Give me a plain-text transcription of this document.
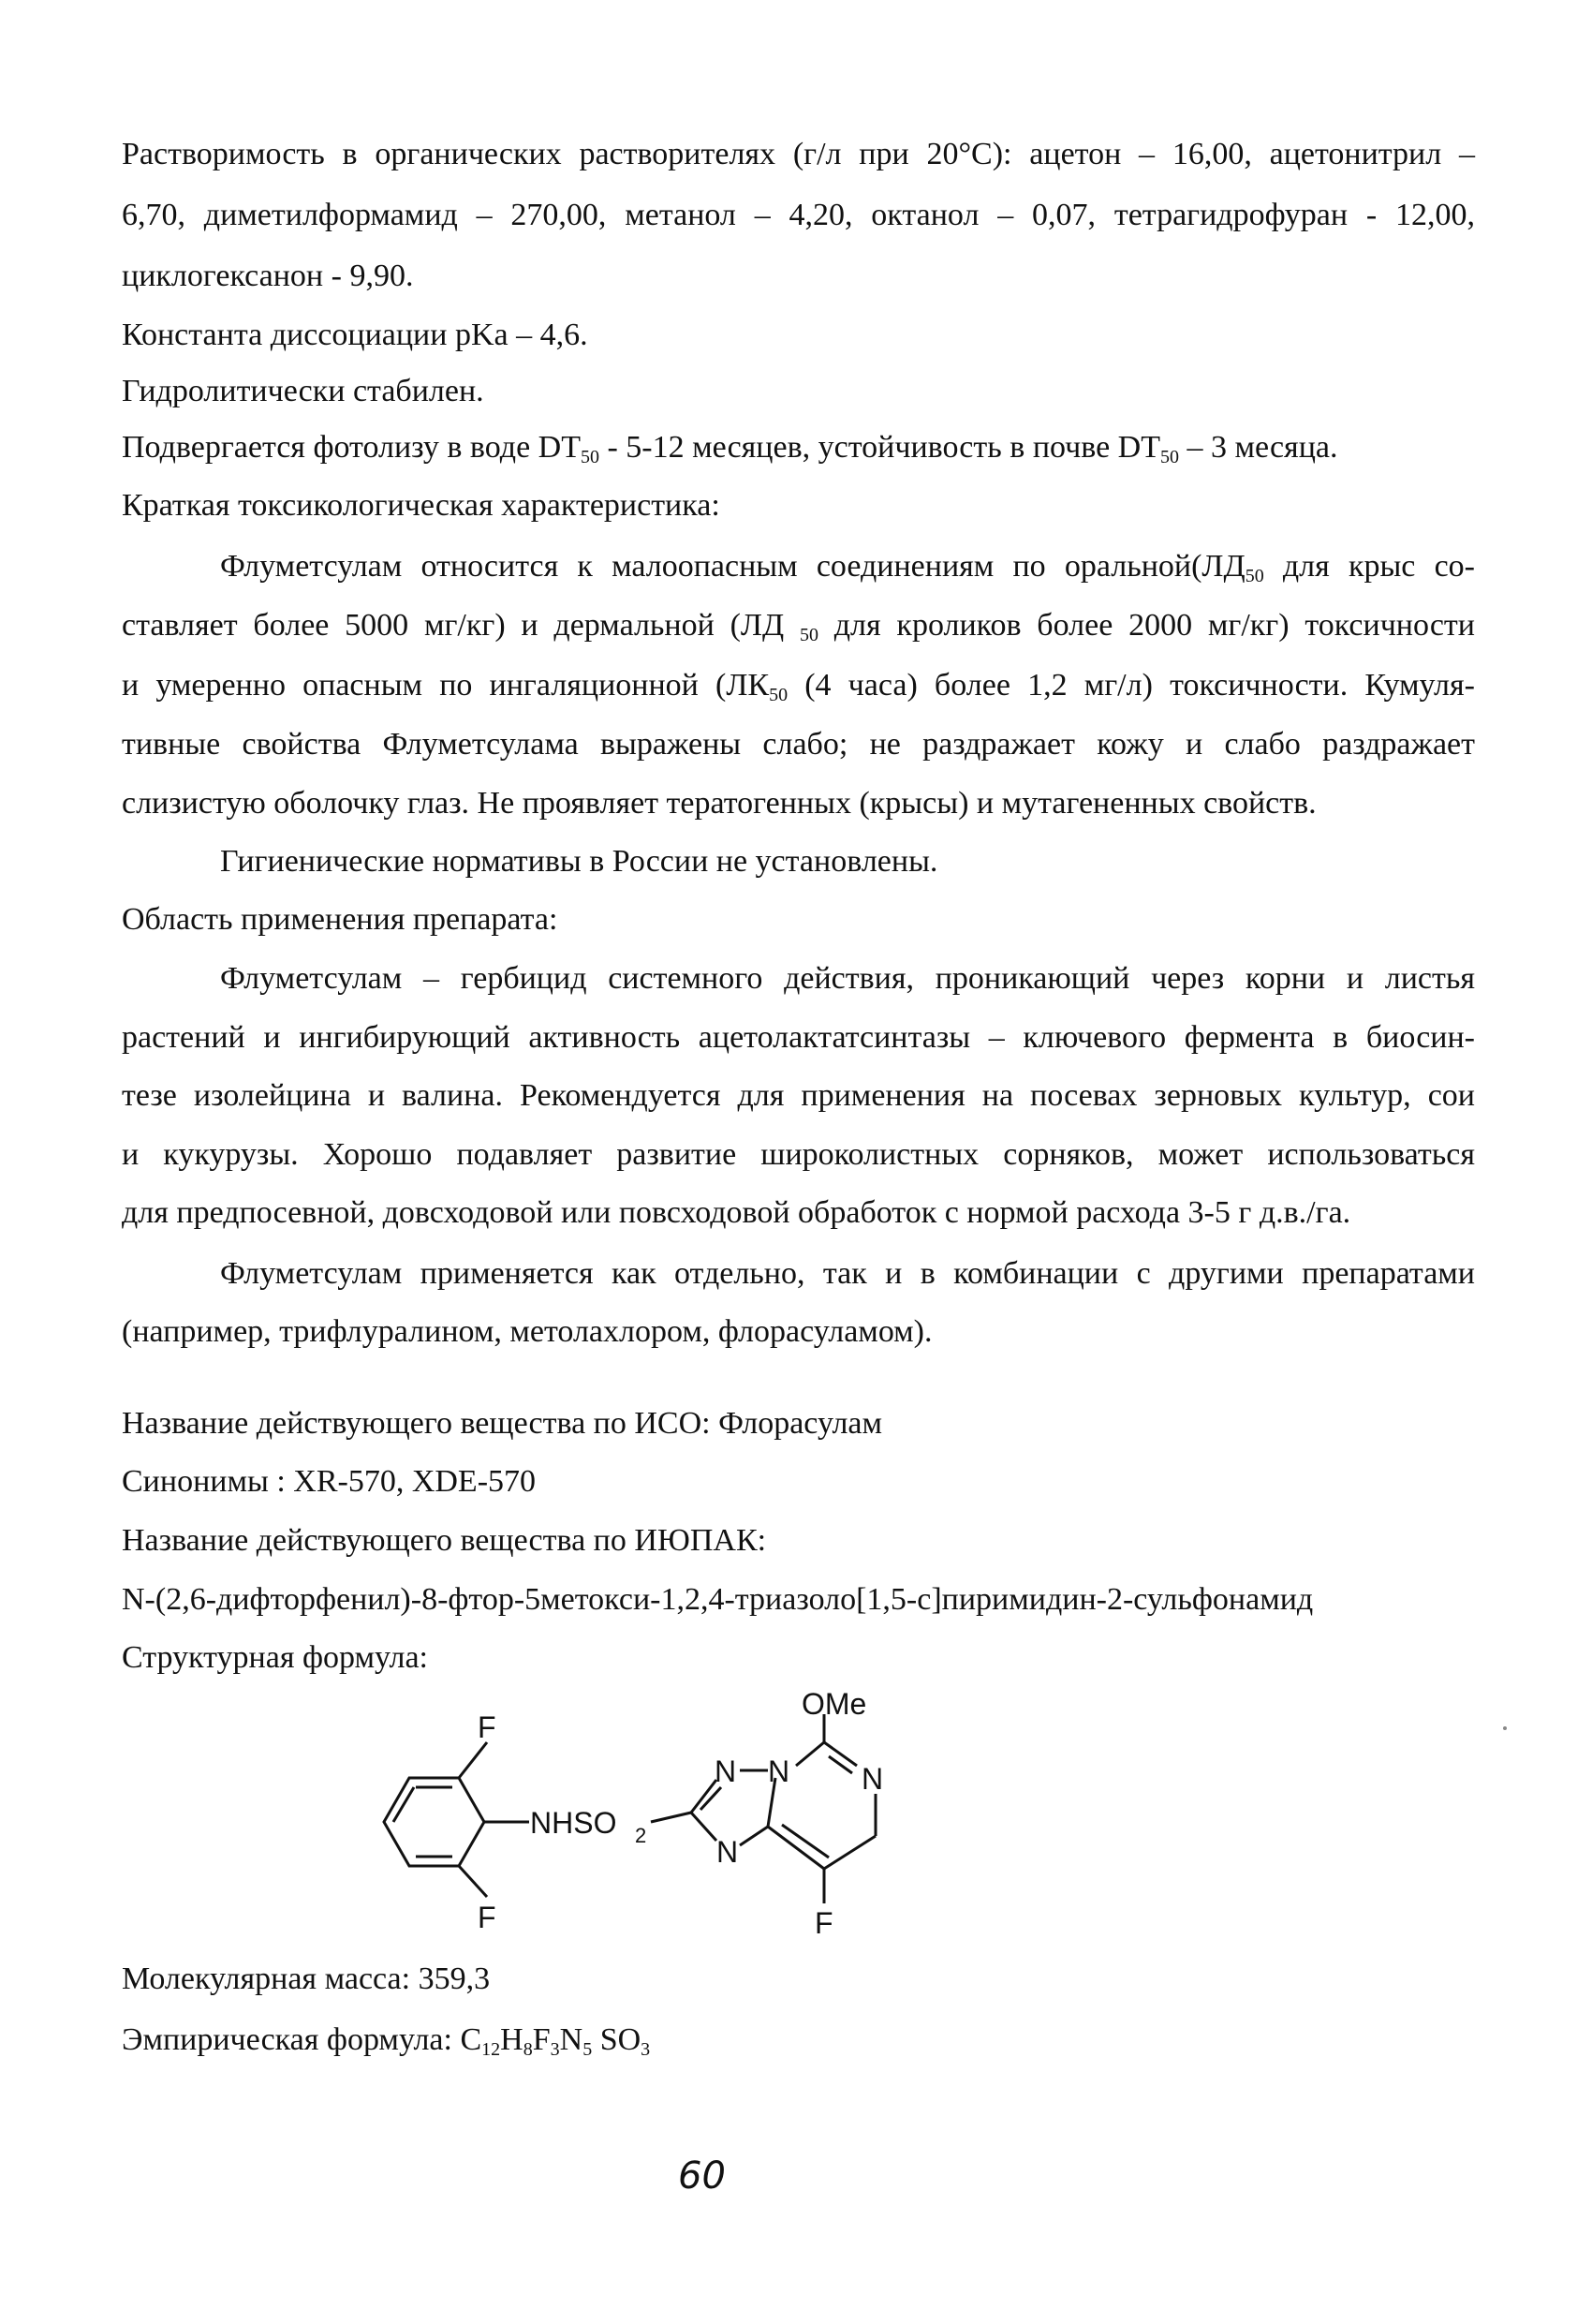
Растворимость в органических растворителях (г/л при 20°С): ацетон – 16,00, ацетонитрил –
6,70, диметилформамид – 270,00, метанол – 4,20, октанол – 0,07, тетрагидрофуран - 12,00,
циклогексанон - 9,90.
Константа диссоциации pKa – 4,6.
Гидролитически стабилен.
Подвергается фотолизу в воде $DT_{50} - 5-12$ месяцев, устойчивость в почве $DT_{50} - 3$ месяца.
Краткая токсикологическая характеристика:
Флуметсулам относится к малоопасным соединениям по $оральной(ЛД_{50}$ для крыс со-
ставляет более 5000 мг/кг) и дермальной (ЛД $_{50}$ для кроликов более 2000 мг/кг) токсичности
и умеренно опасным по ингаляционной ($ЛК_{50}$ (4 часа) более 1,2 мг/л) токсичности. Кумуля-
тивные свойства Флуметсулама выражены слабо; не раздражает кожу и слабо раздражает
слизистую оболочку глаз. Не проявляет тератогенных (крысы) и мутагененных свойств.
Гигиенические нормативы в России не установлены.
Область применения препарата:
Флуметсулам – гербицид системного действия, проникающий через корни и листья
растений и ингибирующий активность ацетолактатсинтазы – ключевого фермента в биосин-
тезе изолейцина и валина. Рекомендуется для применения на посевах зерновых культур, сои
и кукурузы. Хорошо подавляет развитие широколистных сорняков, может использоваться
для предпосевной, довсходовой или повсходовой обработок с нормой расхода 3-5 г д.в./га.
Флуметсулам применяется как отдельно, так и в комбинации с другими препаратами
(например, трифлуралином, метолахлором, флорасуламом).
Название действующего вещества по ИСО: Флорасулам
Синонимы : XR-570, XDE-570
Название действующего вещества по ИЮПАК:
N-(2,6-дифторфенил)-8-фтор-5метокси-1,2,4-триазоло[1,5-c]пиримидин-2-сульфонамид
Структурная формула:
F
F
NHSO 2
N N
N
N
OMe
F
Молекулярная масса: 359,3
Эмпирическая формула: $C_{12}H_8F_3N_5$ $SO_3$
60
